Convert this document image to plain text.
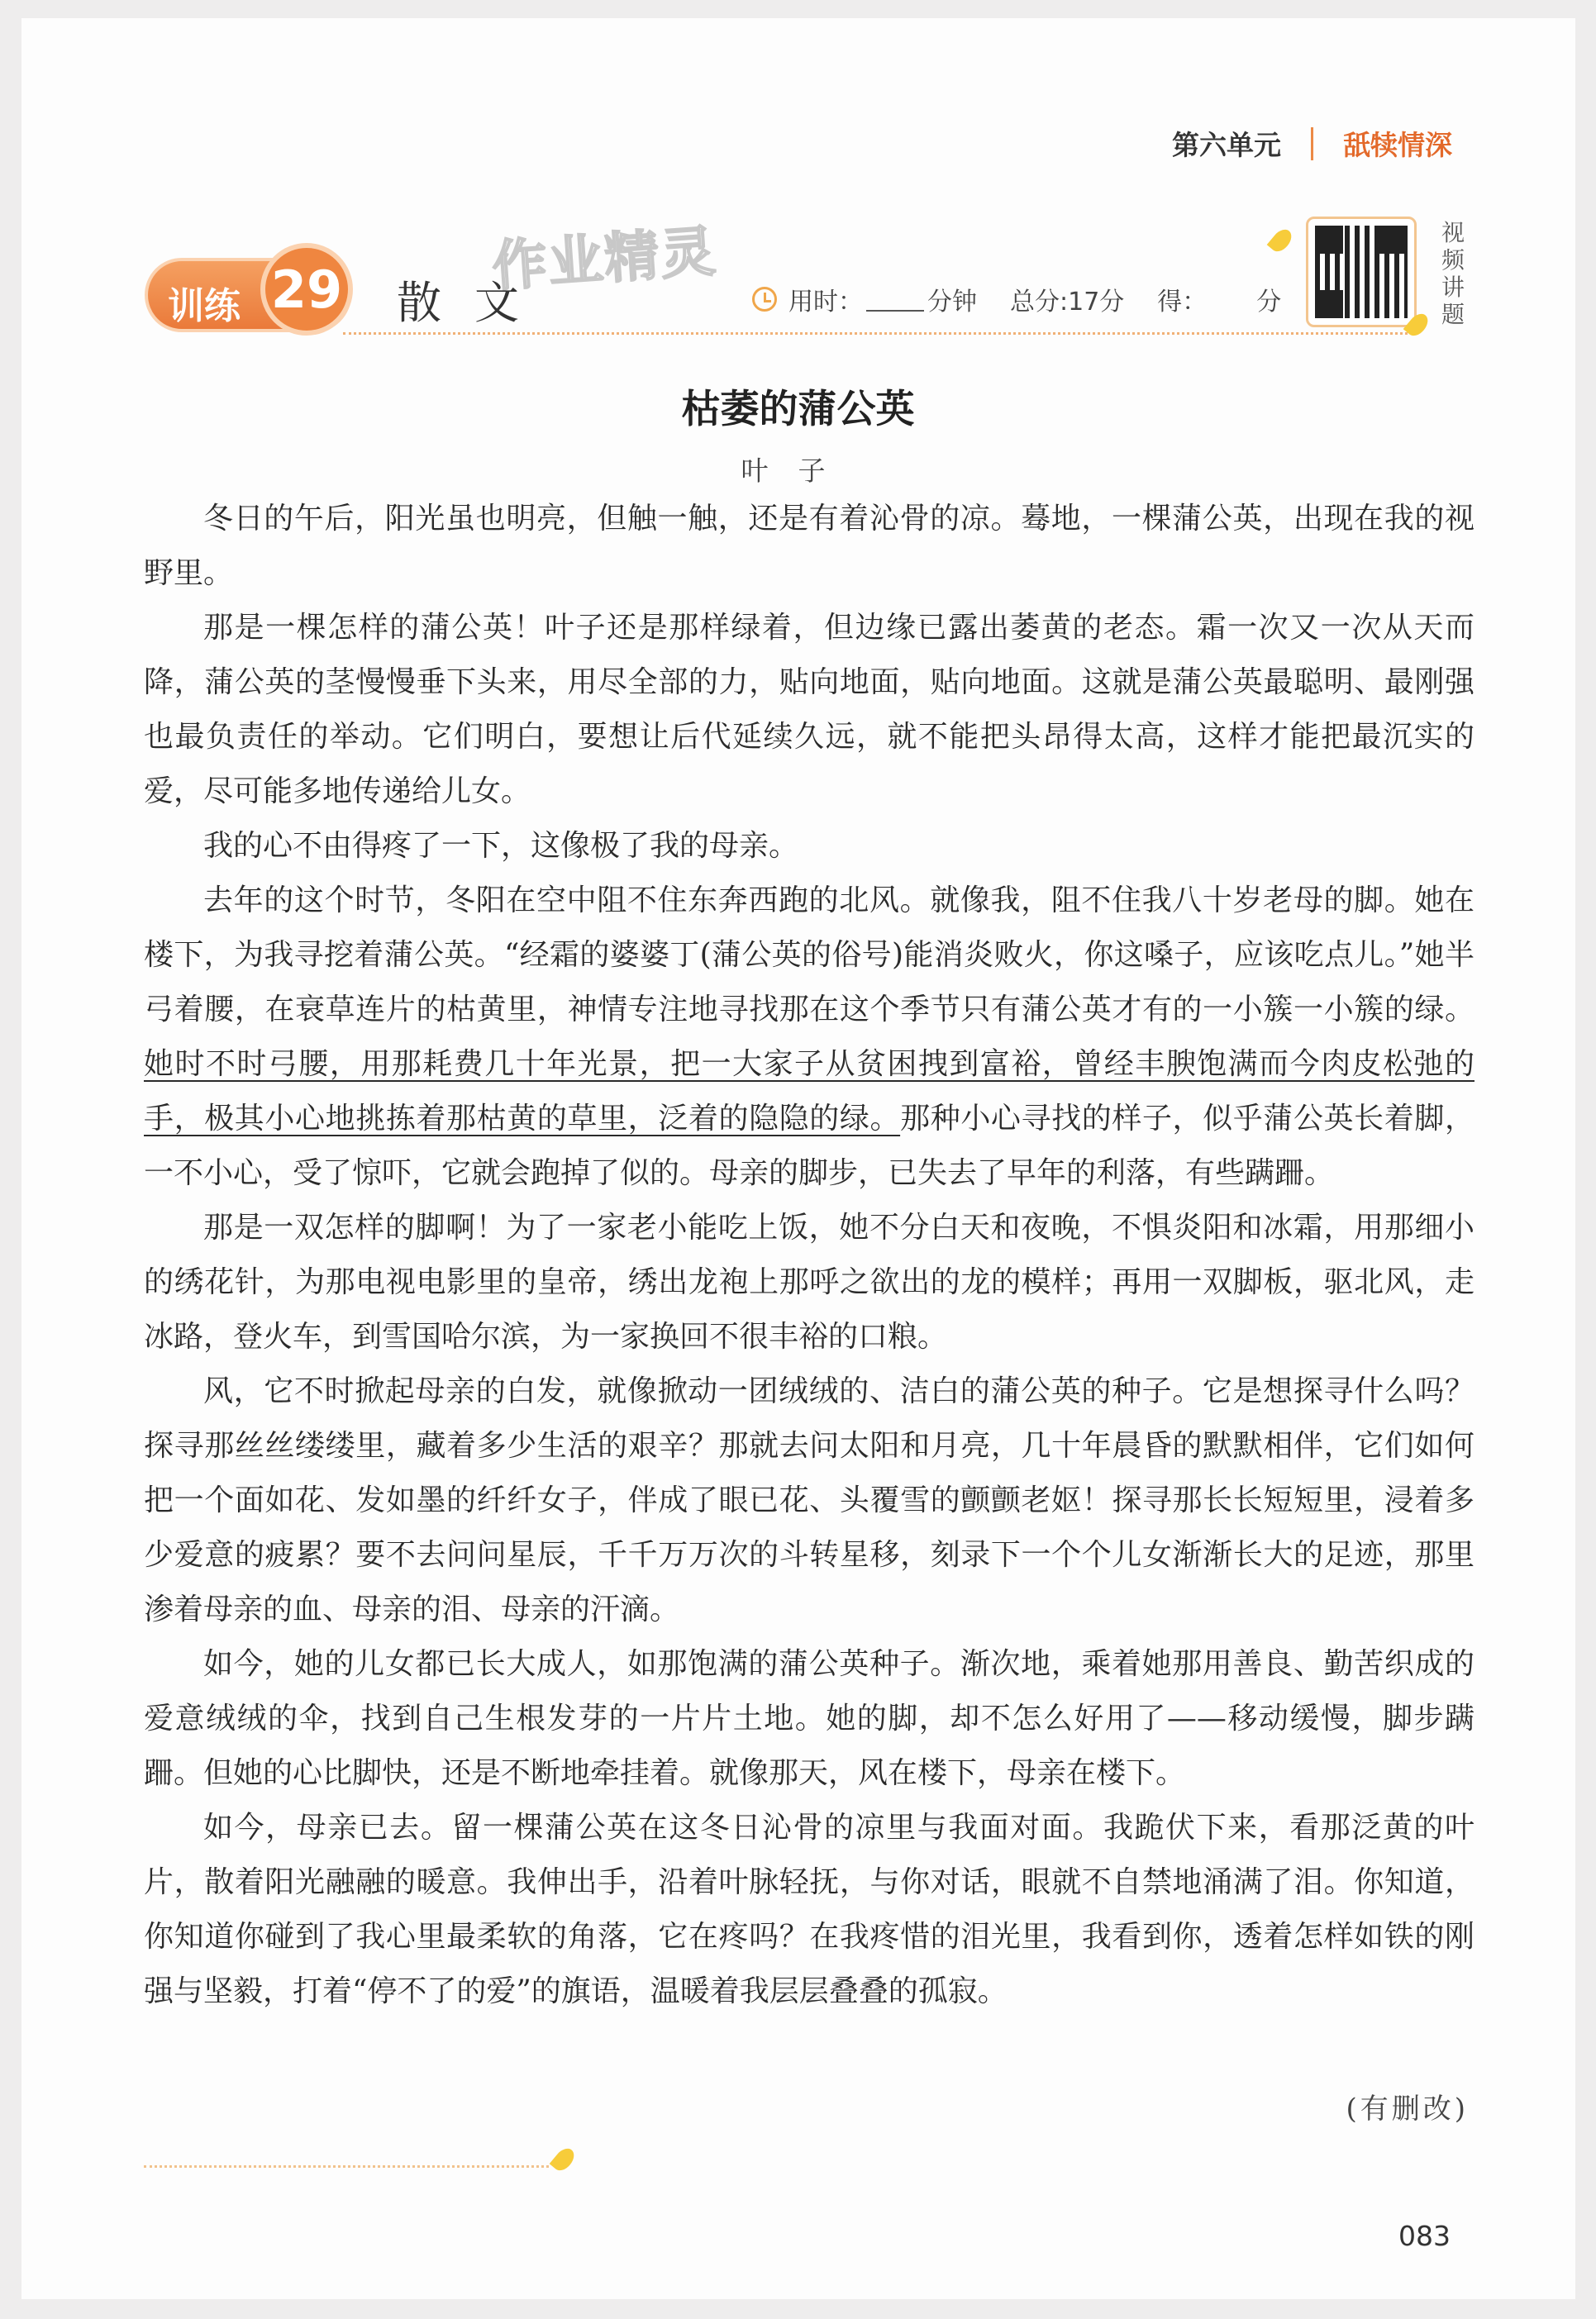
第六单元 舐犊情深
作业精灵
训练 29 散文	用时：	分钟 总分:17分 得： 分
视频讲题
枯萎的蒲公英
叶子

冬日的午后，阳光虽也明亮，但触一触，还是有着沁骨的凉。蓦地，一棵蒲公英，出现在我的视野里。

那是一棵怎样的蒲公英！叶子还是那样绿着，但边缘已露出萎黄的老态。霜一次又一次从天而降，蒲公英的茎慢慢垂下头来，用尽全部的力，贴向地面，贴向地面。这就是蒲公英最聪明、最刚强也最负责任的举动。它们明白，要想让后代延续久远，就不能把头昂得太高，这样才能把最沉实的爱，尽可能多地传递给儿女。

我的心不由得疼了一下，这像极了我的母亲。

去年的这个时节，冬阳在空中阻不住东奔西跑的北风。就像我，阻不住我八十岁老母的脚。她在楼下，为我寻挖着蒲公英。“经霜的婆婆丁(蒲公英的俗号)能消炎败火，你这嗓子，应该吃点儿。”她半弓着腰，在衰草连片的枯黄里，神情专注地寻找那在这个季节只有蒲公英才有的一小簇一小簇的绿。她时不时弓腰，用那耗费几十年光景，把一大家子从贫困拽到富裕，曾经丰腴饱满而今肉皮松弛的手，极其小心地挑拣着那枯黄的草里，泛着的隐隐的绿。那种小心寻找的样子，似乎蒲公英长着脚，一不小心，受了惊吓，它就会跑掉了似的。母亲的脚步，已失去了早年的利落，有些蹒跚。

那是一双怎样的脚啊！为了一家老小能吃上饭，她不分白天和夜晚，不惧炎阳和冰霜，用那细小的绣花针，为那电视电影里的皇帝，绣出龙袍上那呼之欲出的龙的模样；再用一双脚板，驱北风，走冰路，登火车，到雪国哈尔滨，为一家换回不很丰裕的口粮。

风，它不时掀起母亲的白发，就像掀动一团绒绒的、洁白的蒲公英的种子。它是想探寻什么吗？探寻那丝丝缕缕里，藏着多少生活的艰辛？那就去问太阳和月亮，几十年晨昏的默默相伴，它们如何把一个面如花、发如墨的纤纤女子，伴成了眼已花、头覆雪的颤颤老妪！探寻那长长短短里，浸着多少爱意的疲累？要不去问问星辰，千千万万次的斗转星移，刻录下一个个儿女渐渐长大的足迹，那里渗着母亲的血、母亲的泪、母亲的汗滴。

如今，她的儿女都已长大成人，如那饱满的蒲公英种子。渐次地，乘着她那用善良、勤苦织成的爱意绒绒的伞，找到自己生根发芽的一片片土地。她的脚，却不怎么好用了——移动缓慢，脚步蹒跚。但她的心比脚快，还是不断地牵挂着。就像那天，风在楼下，母亲在楼下。

如今，母亲已去。留一棵蒲公英在这冬日沁骨的凉里与我面对面。我跪伏下来，看那泛黄的叶片，散着阳光融融的暖意。我伸出手，沿着叶脉轻抚，与你对话，眼就不自禁地涌满了泪。你知道，你知道你碰到了我心里最柔软的角落，它在疼吗？在我疼惜的泪光里，我看到你，透着怎样如铁的刚强与坚毅，打着“停不了的爱”的旗语，温暖着我层层叠叠的孤寂。

(有删改)
083
